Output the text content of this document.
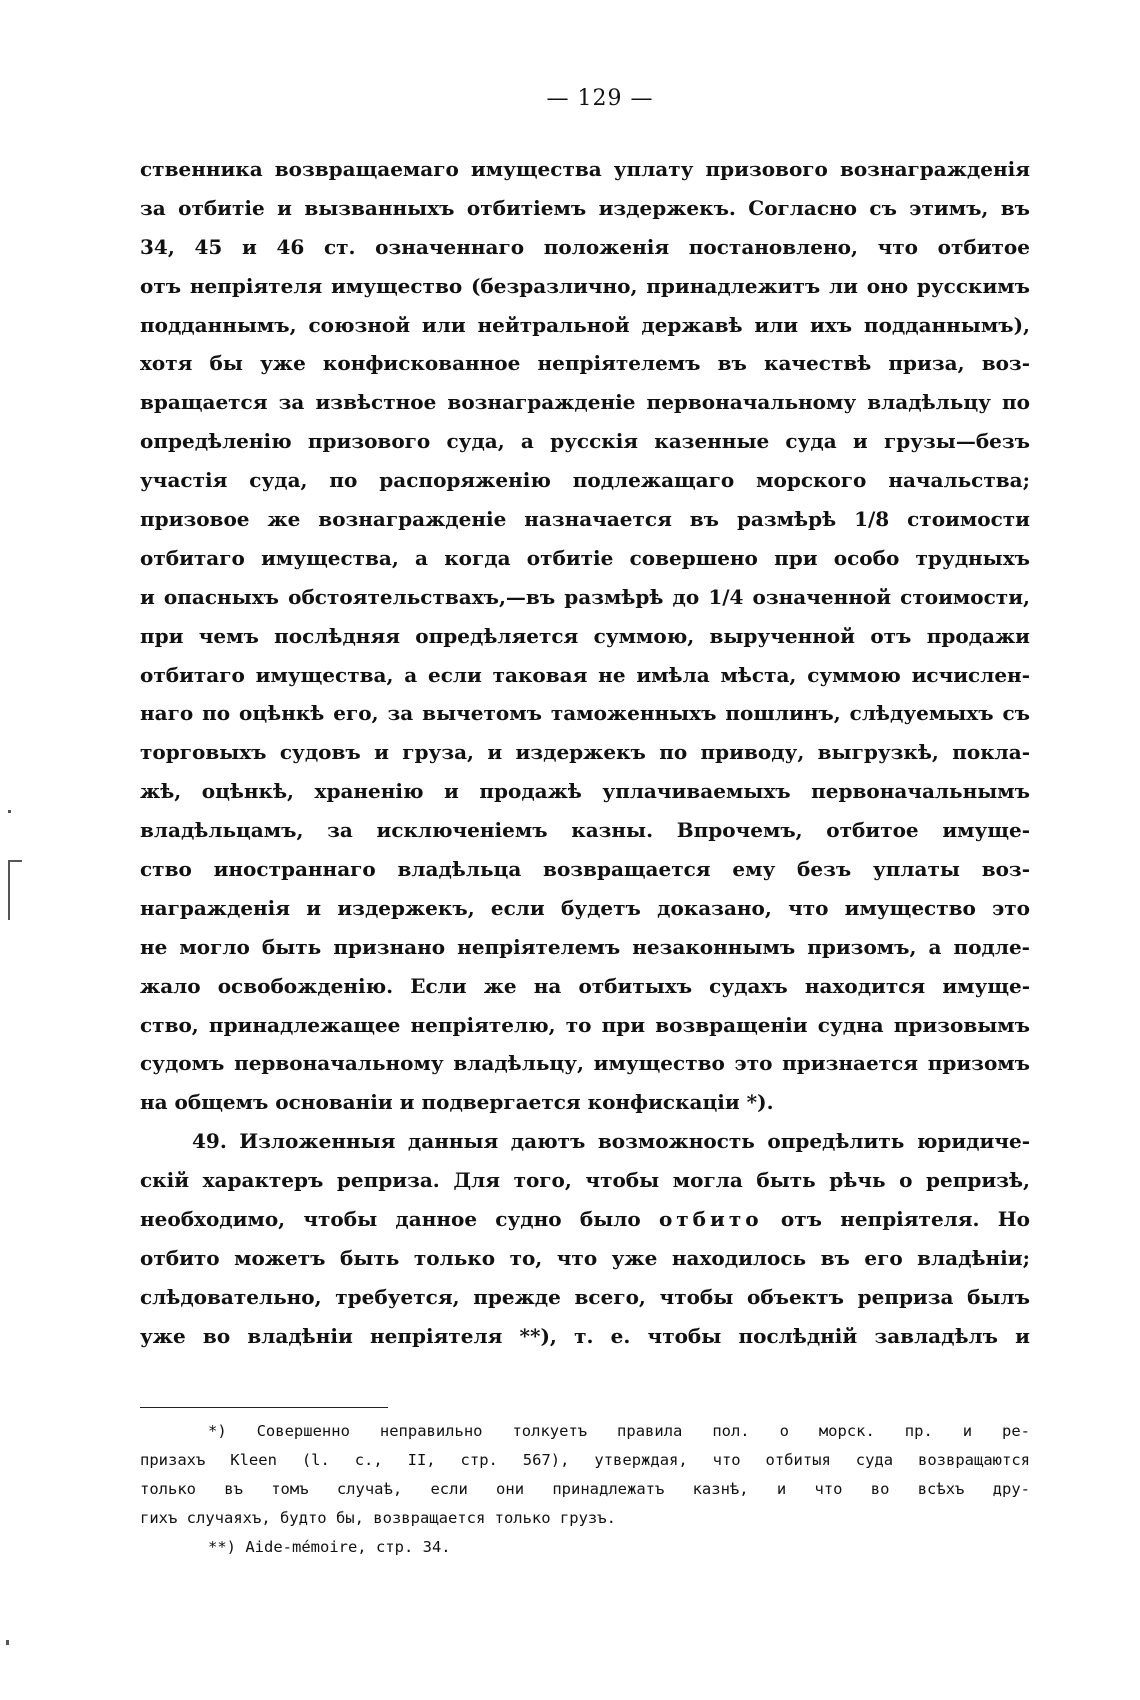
— 129 —
ственника возвращаемаго имущества уплату призового вознагражденія
за отбитіе и вызванныхъ отбитіемъ издержекъ. Согласно съ этимъ, въ
34, 45 и 46 ст. означеннаго положенія постановлено, что отбитое
отъ непріятеля имущество (безразлично, принадлежитъ ли оно русскимъ
подданнымъ, союзной или нейтральной державѣ или ихъ подданнымъ),
хотя бы уже конфискованное непріятелемъ въ качествѣ приза, воз-
вращается за извѣстное вознагражденіе первоначальному владѣльцу по
опредѣленію призового суда, а русскія казенные суда и грузы—безъ
участія суда, по распоряженію подлежащаго морского начальства;
призовое же вознагражденіе назначается въ размѣрѣ 1/8 стоимости
отбитаго имущества, а когда отбитіе совершено при особо трудныхъ
и опасныхъ обстоятельствахъ,—въ размѣрѣ до 1/4 означенной стоимости,
при чемъ послѣдняя опредѣляется суммою, вырученной отъ продажи
отбитаго имущества, а если таковая не имѣла мѣста, суммою исчислен-
наго по оцѣнкѣ его, за вычетомъ таможенныхъ пошлинъ, слѣдуемыхъ съ
торговыхъ судовъ и груза, и издержекъ по приводу, выгрузкѣ, покла-
жѣ, оцѣнкѣ, храненію и продажѣ уплачиваемыхъ первоначальнымъ
владѣльцамъ, за исключеніемъ казны. Впрочемъ, отбитое имуще-
ство иностраннаго владѣльца возвращается ему безъ уплаты воз-
награжденія и издержекъ, если будетъ доказано, что имущество это
не могло быть признано непріятелемъ незаконнымъ призомъ, а подле-
жало освобожденію. Если же на отбитыхъ судахъ находится имуще-
ство, принадлежащее непріятелю, то при возвращеніи судна призовымъ
судомъ первоначальному владѣльцу, имущество это признается призомъ
на общемъ основаніи и подвергается конфискаціи *).
49. Изложенныя данныя даютъ возможность опредѣлить юридиче-
скій характеръ реприза. Для того, чтобы могла быть рѣчь о репризѣ,
необходимо, чтобы данное судно было отбито отъ непріятеля. Но
отбито можетъ быть только то, что уже находилось въ его владѣніи;
слѣдовательно, требуется, прежде всего, чтобы объектъ реприза былъ
уже во владѣніи непріятеля **), т. е. чтобы послѣдній завладѣлъ и
*) Совершенно неправильно толкуетъ правила пол. о морск. пр. и ре-
призахъ Kleen (l. c., II, стр. 567), утверждая, что отбитыя суда возвращаются
только въ томъ случаѣ, если они принадлежатъ казнѣ, и что во всѣхъ дру-
гихъ случаяхъ, будто бы, возвращается только грузъ.
**) Aide-mémoire, стр. 34.
